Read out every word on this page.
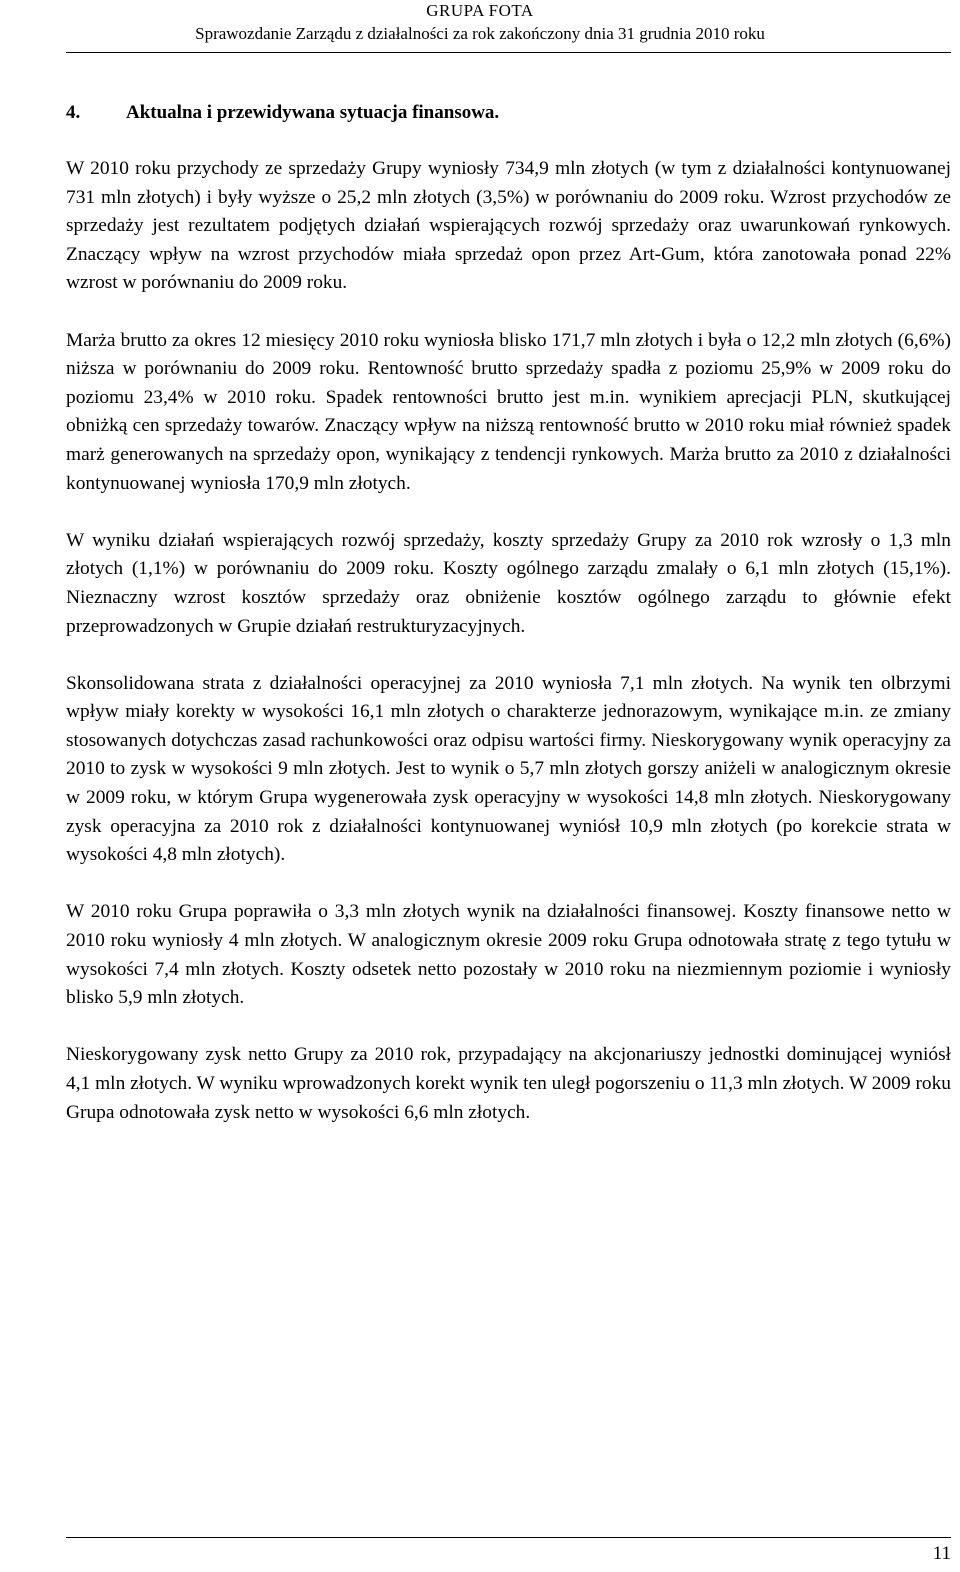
GRUPA FOTA
Sprawozdanie Zarządu z działalności za rok zakończony dnia 31 grudnia 2010 roku
4. Aktualna i przewidywana sytuacja finansowa.

W 2010 roku przychody ze sprzedaży Grupy wyniosły 734,9 mln złotych (w tym z działalności kontynuowanej 731 mln złotych) i były wyższe o 25,2 mln złotych (3,5%) w porównaniu do 2009 roku. Wzrost przychodów ze sprzedaży jest rezultatem podjętych działań wspierających rozwój sprzedaży oraz uwarunkowań rynkowych. Znaczący wpływ na wzrost przychodów miała sprzedaż opon przez Art-Gum, która zanotowała ponad 22% wzrost w porównaniu do 2009 roku.

Marża brutto za okres 12 miesięcy 2010 roku wyniosła blisko 171,7 mln złotych i była o 12,2 mln złotych (6,6%) niższa w porównaniu do 2009 roku. Rentowność brutto sprzedaży spadła z poziomu 25,9% w 2009 roku do poziomu 23,4% w 2010 roku. Spadek rentowności brutto jest m.in. wynikiem aprecjacji PLN, skutkującej obniżką cen sprzedaży towarów. Znaczący wpływ na niższą rentowność brutto w 2010 roku miał również spadek marż generowanych na sprzedaży opon, wynikający z tendencji rynkowych. Marża brutto za 2010 z działalności kontynuowanej wyniosła 170,9 mln złotych.

W wyniku działań wspierających rozwój sprzedaży, koszty sprzedaży Grupy za 2010 rok wzrosły o 1,3 mln złotych (1,1%) w porównaniu do 2009 roku. Koszty ogólnego zarządu zmalały o 6,1 mln złotych (15,1%). Nieznaczny wzrost kosztów sprzedaży oraz obniżenie kosztów ogólnego zarządu to głównie efekt przeprowadzonych w Grupie działań restrukturyzacyjnych.

Skonsolidowana strata z działalności operacyjnej za 2010 wyniosła 7,1 mln złotych. Na wynik ten olbrzymi wpływ miały korekty w wysokości 16,1 mln złotych o charakterze jednorazowym, wynikające m.in. ze zmiany stosowanych dotychczas zasad rachunkowości oraz odpisu wartości firmy. Nieskorygowany wynik operacyjny za 2010 to zysk w wysokości 9 mln złotych. Jest to wynik o 5,7 mln złotych gorszy aniżeli w analogicznym okresie w 2009 roku, w którym Grupa wygenerowała zysk operacyjny w wysokości 14,8 mln złotych. Nieskorygowany zysk operacyjna za 2010 rok z działalności kontynuowanej wyniósł 10,9 mln złotych (po korekcie strata w wysokości 4,8 mln złotych).

W 2010 roku Grupa poprawiła o 3,3 mln złotych wynik na działalności finansowej. Koszty finansowe netto w 2010 roku wyniosły 4 mln złotych. W analogicznym okresie 2009 roku Grupa odnotowała stratę z tego tytułu w wysokości 7,4 mln złotych. Koszty odsetek netto pozostały w 2010 roku na niezmiennym poziomie i wyniosły blisko 5,9 mln złotych.

Nieskorygowany zysk netto Grupy za 2010 rok, przypadający na akcjonariuszy jednostki dominującej wyniósł 4,1 mln złotych. W wyniku wprowadzonych korekt wynik ten uległ pogorszeniu o 11,3 mln złotych. W 2009 roku Grupa odnotowała zysk netto w wysokości 6,6 mln złotych.

11
